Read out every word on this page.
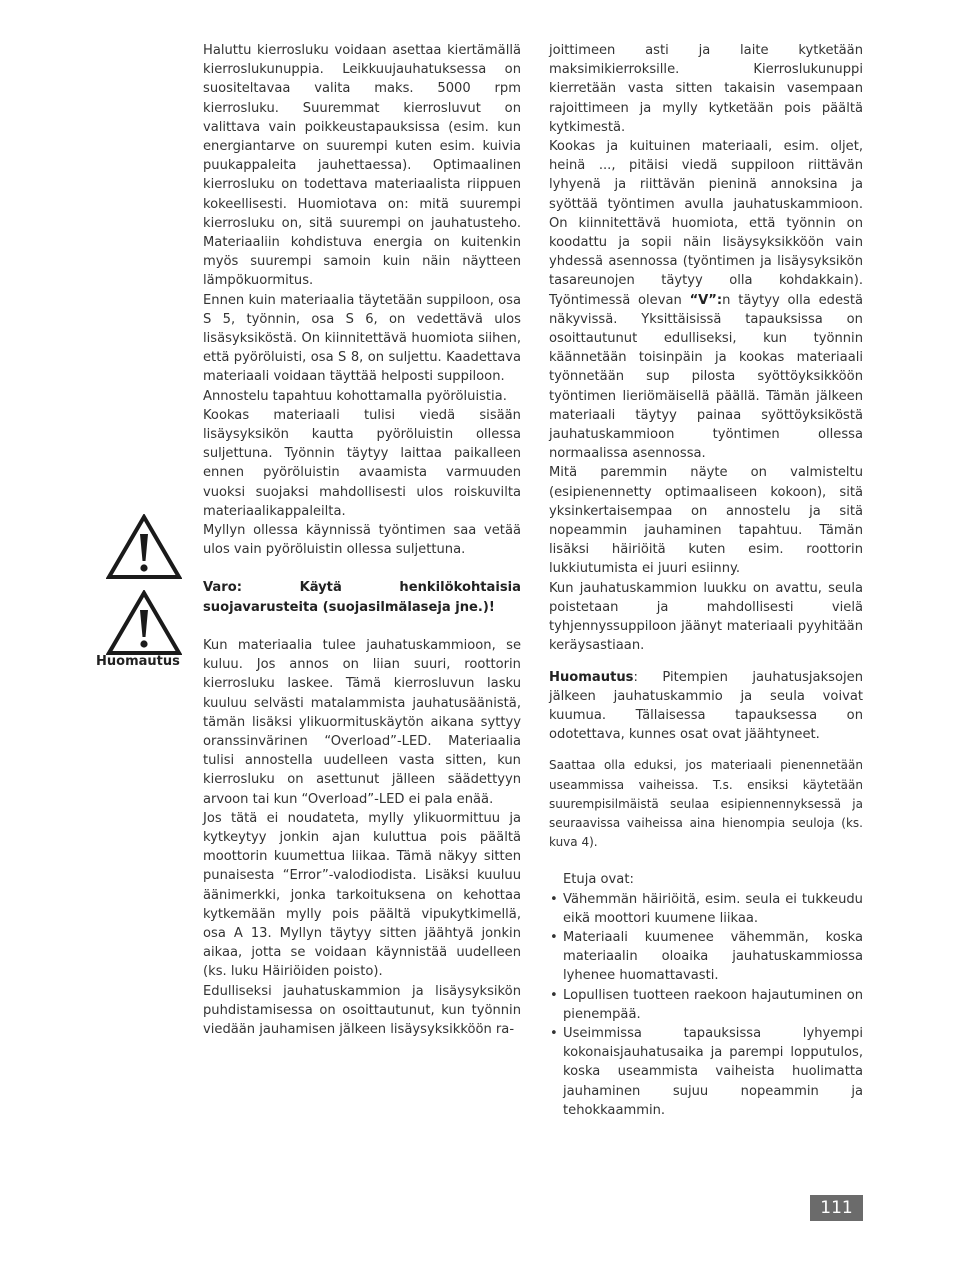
Huomautus

Haluttu kierrosluku voidaan asettaa kiertämällä kierroslukunuppia. Leikkuujauhatuksessa on suositeltavaa valita maks. 5000 rpm kierrosluku. Suuremmat kierrosluvut on valittava vain poikkeustapauksissa (esim. kun energiantarve on suurempi kuten esim. kuivia puukappaleita jauhettaessa). Optimaalinen kierrosluku on todettava materiaalista riippuen kokeellisesti. Huomiotava on: mitä suurempi kierrosluku on, sitä suurempi on jauhatusteho. Materiaaliin kohdistuva energia on kuitenkin myös suurempi samoin kuin näin näytteen lämpökuormitus.

Ennen kuin materiaalia täytetään suppiloon, osa S 5, työnnin, osa S 6, on vedettävä ulos lisäsyksiköstä. On kiinnitettävä huomiota siihen, että pyöröluisti, osa S 8, on suljettu. Kaadettava materiaali voidaan täyttää helposti suppiloon.

Annostelu tapahtuu kohottamalla pyöröluistia.

Kookas materiaali tulisi viedä sisään lisäysyksikön kautta pyöröluistin ollessa suljettuna. Työnnin täytyy laittaa paikalleen ennen pyöröluistin avaamista varmuuden vuoksi suojaksi mahdollisesti ulos roiskuvilta materiaalikappaleilta.

Myllyn ollessa käynnissä työntimen saa vetää ulos vain pyöröluistin ollessa suljettuna.

Varo: Käytä henkilökohtaisia suojavarusteita (suojasilmälaseja jne.)!

Kun materiaalia tulee jauhatuskammioon, se kuluu. Jos annos on liian suuri, roottorin kierrosluku laskee. Tämä kierrosluvun lasku kuuluu selvästi matalammista jauhatusäänistä, tämän lisäksi ylikuormituskäytön aikana syttyy oranssinvärinen “Overload”-LED. Materiaalia tulisi annostella uudelleen vasta sitten, kun kierrosluku on asettunut jälleen säädettyyn arvoon tai kun “Overload”-LED ei pala enää.

Jos tätä ei noudateta, mylly ylikuormittuu ja kytkeytyy jonkin ajan kuluttua pois päältä moottorin kuumettua liikaa. Tämä näkyy sitten punaisesta “Error”-valodiodista. Lisäksi kuuluu äänimerkki, jonka tarkoituksena on kehottaa kytkemään mylly pois päältä vipukytkimellä, osa A 13. Myllyn täytyy sitten jäähtyä jonkin aikaa, jotta se voidaan käynnistää uudelleen (ks. luku Häiriöiden poisto).

Edulliseksi jauhatuskammion ja lisäysyksikön puhdistamisessa on osoittautunut, kun työnnin viedään jauhamisen jälkeen lisäysyksikköön ra-

joittimeen asti ja laite kytketään maksimikierroksille. Kierroslukunuppi kierretään vasta sitten takaisin vasempaan rajoittimeen ja mylly kytketään pois päältä kytkimestä.

Kookas ja kuituinen materiaali, esim. oljet, heinä ..., pitäisi viedä suppiloon riittävän lyhyenä ja riittävän pieninä annoksina ja syöttää työntimen avulla jauhatuskammioon. On kiinnitettävä huomiota, että työnnin on koodattu ja sopii näin lisäysyksikköön vain yhdessä asennossa (työntimen ja lisäysyksikön tasareunojen täytyy olla kohdakkain). Työntimessä olevan “V”:n täytyy olla edestä näkyvissä. Yksittäisissä tapauksissa on osoittautunut edulliseksi, kun työnnin käännetään toisinpäin ja kookas materiaali työnnetään sup pilosta syöttöyksikköön työntimen lieriömäisellä päällä. Tämän jälkeen materiaali täytyy painaa syöttöyksiköstä jauhatuskammioon työntimen ollessa normaalissa asennossa.

Mitä paremmin näyte on valmisteltu (esipienennetty optimaaliseen kokoon), sitä yksinkertaisempaa on annostelu ja sitä nopeammin jauhaminen tapahtuu. Tämän lisäksi häiriöitä kuten esim. roottorin lukkiutumista ei juuri esiinny.

Kun jauhatuskammion luukku on avattu, seula poistetaan ja mahdollisesti vielä tyhjennyssuppiloon jäänyt materiaali pyyhitään keräysastiaan.

Huomautus: Pitempien jauhatusjaksojen jälkeen jauhatuskammio ja seula voivat kuumua. Tällaisessa tapauksessa on odotettava, kunnes osat ovat jäähtyneet.

Saattaa olla eduksi, jos materiaali pienennetään useammissa vaiheissa. T.s. ensiksi käytetään suurempisilmäistä seulaa esipiennennyksessä ja seuraavissa vaiheissa aina hienompia seuloja (ks. kuva 4).

Etuja ovat:

• Vähemmän häiriöitä, esim. seula ei tukkeudu eikä moottori kuumene liikaa.
• Materiaali kuumenee vähemmän, koska materiaalin oloaika jauhatuskammiossa lyhenee huomattavasti.
• Lopullisen tuotteen raekoon hajautuminen on pienempää.
• Useimmissa tapauksissa lyhyempi kokonaisjauhatusaika ja parempi lopputulos, koska useammista vaiheista huolimatta jauhaminen sujuu nopeammin ja tehokkaammin.
111
